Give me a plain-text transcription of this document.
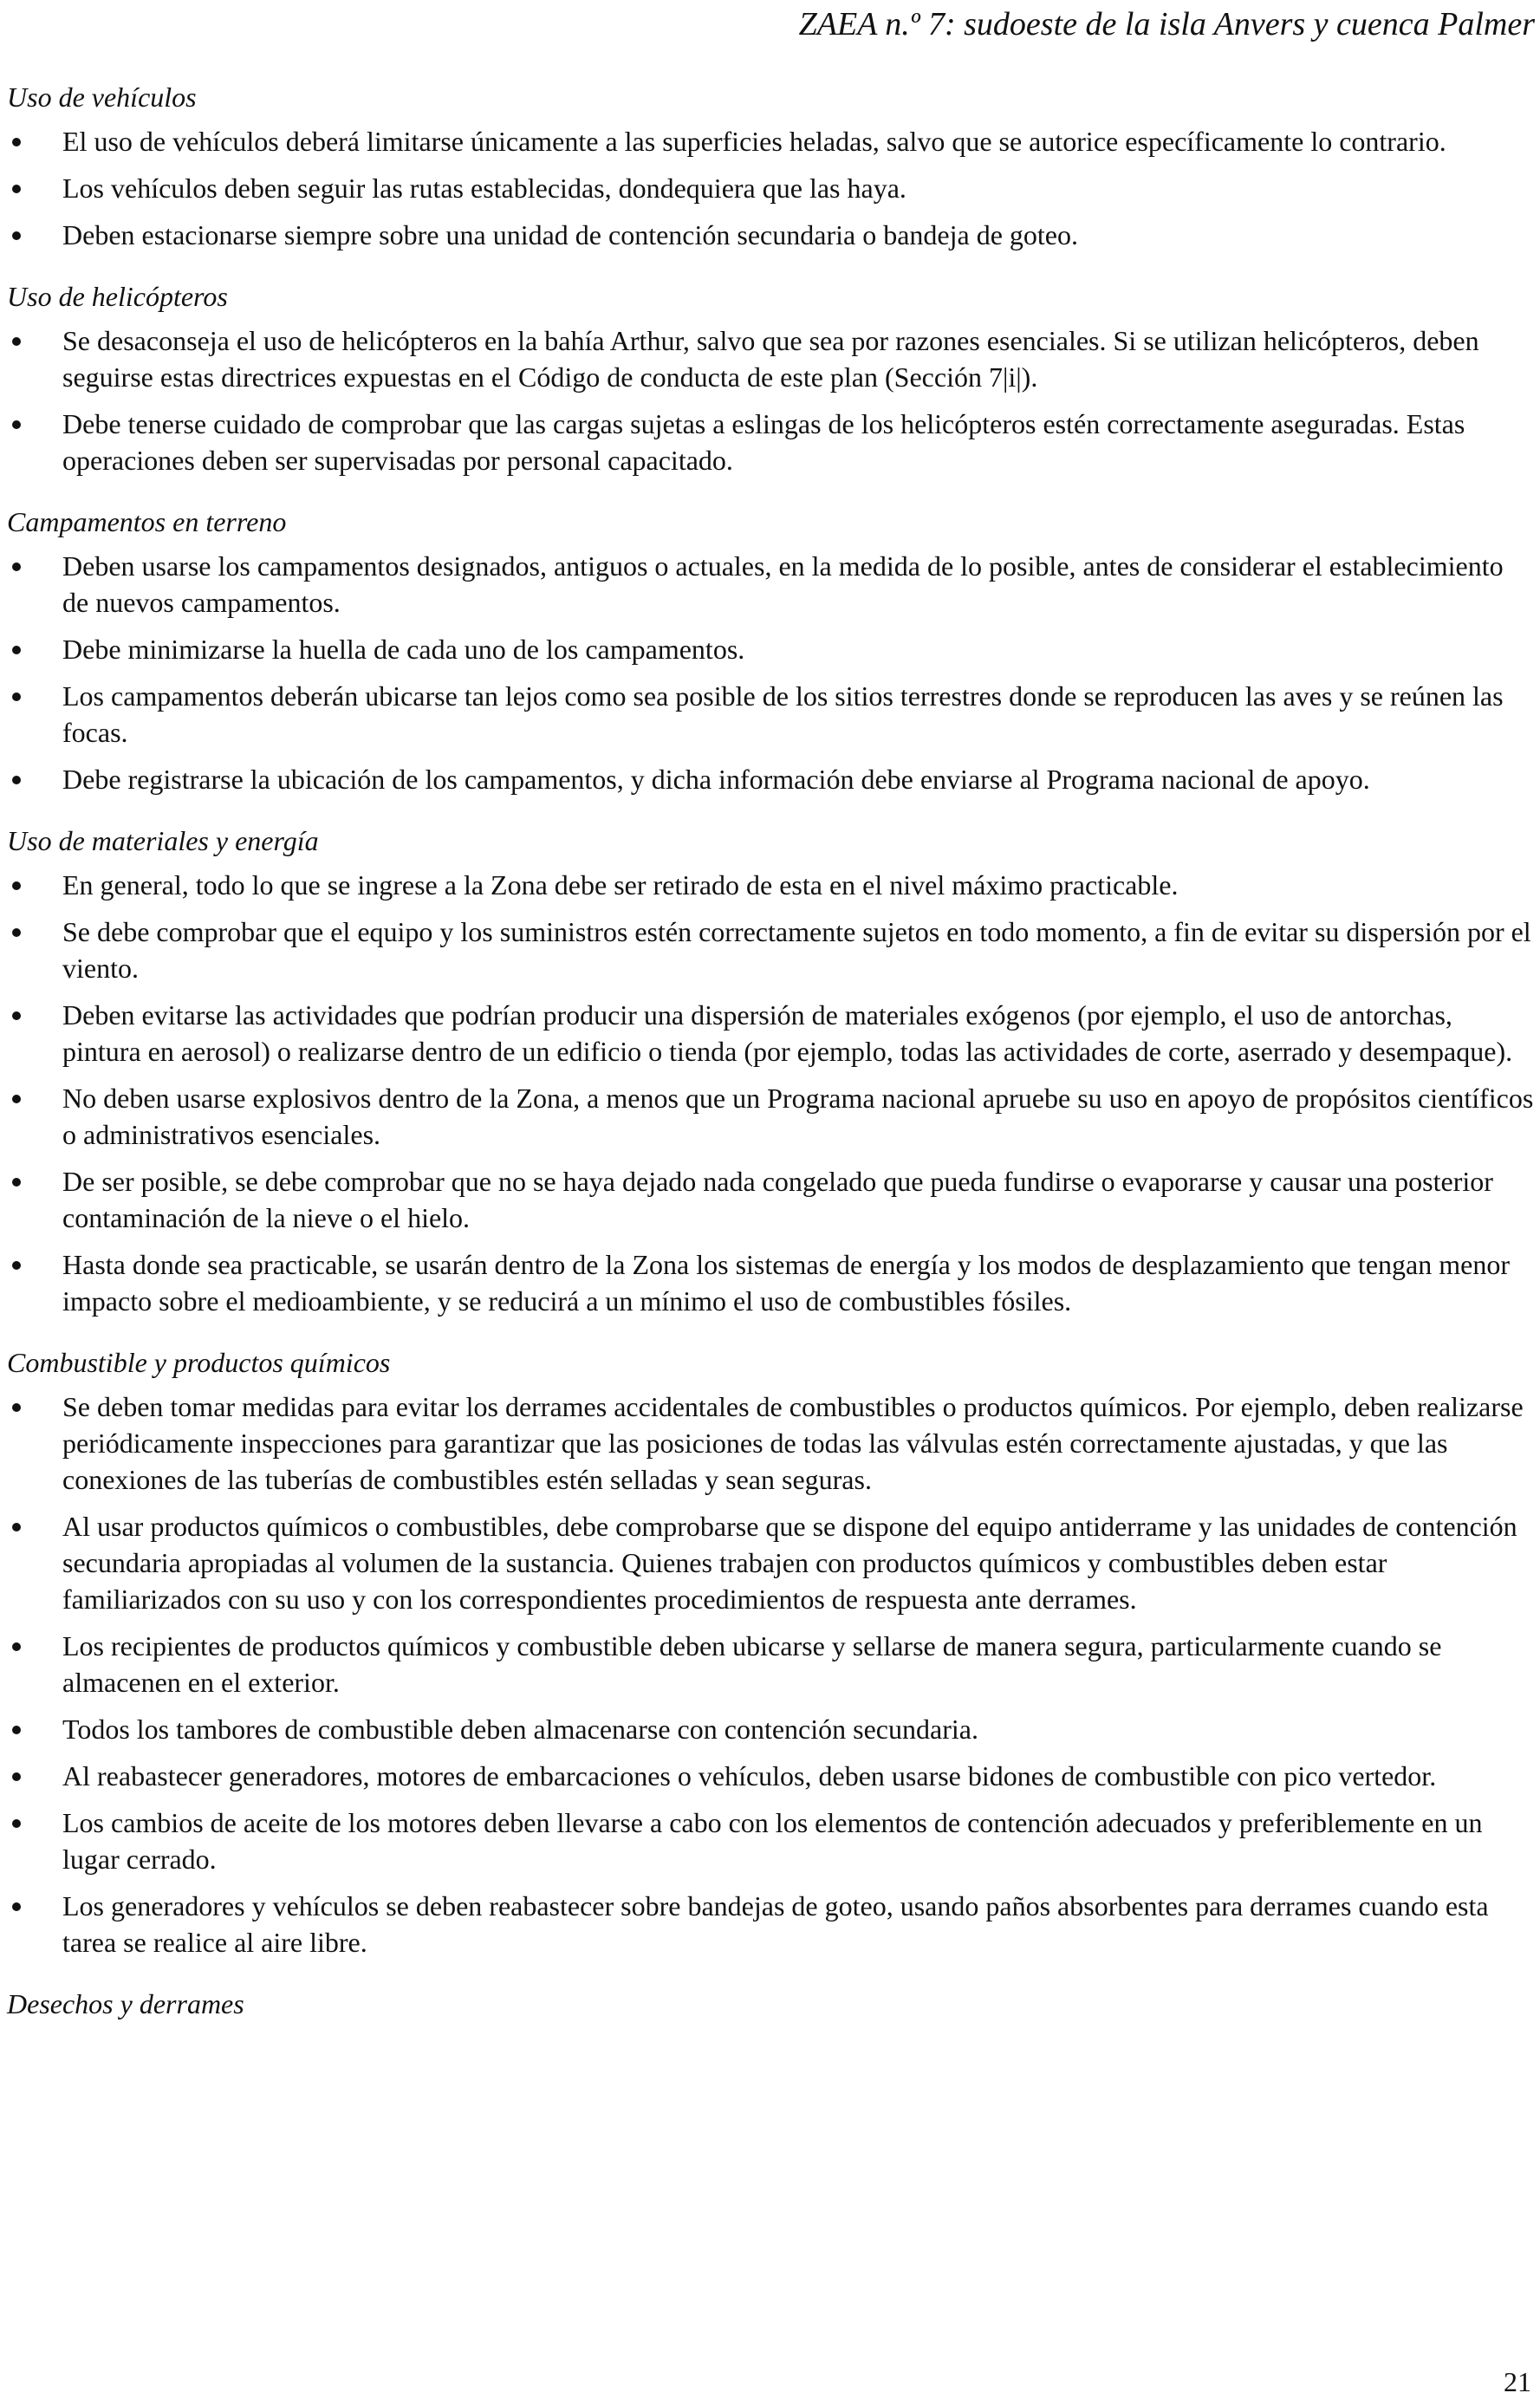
ZAEA n.º 7: sudoeste de la isla Anvers y cuenca Palmer
Uso de vehículos
El uso de vehículos deberá limitarse únicamente a las superficies heladas, salvo que se autorice específicamente lo contrario.
Los vehículos deben seguir las rutas establecidas, dondequiera que las haya.
Deben estacionarse siempre sobre una unidad de contención secundaria o bandeja de goteo.
Uso de helicópteros
Se desaconseja el uso de helicópteros en la bahía Arthur, salvo que sea por razones esenciales. Si se utilizan helicópteros, deben seguirse estas directrices expuestas en el Código de conducta de este plan (Sección 7|i|).
Debe tenerse cuidado de comprobar que las cargas sujetas a eslingas de los helicópteros estén correctamente aseguradas. Estas operaciones deben ser supervisadas por personal capacitado.
Campamentos en terreno
Deben usarse los campamentos designados, antiguos o actuales, en la medida de lo posible, antes de considerar el establecimiento de nuevos campamentos.
Debe minimizarse la huella de cada uno de los campamentos.
Los campamentos deberán ubicarse tan lejos como sea posible de los sitios terrestres donde se reproducen las aves y se reúnen las focas.
Debe registrarse la ubicación de los campamentos, y dicha información debe enviarse al Programa nacional de apoyo.
Uso de materiales y energía
En general, todo lo que se ingrese a la Zona debe ser retirado de esta en el nivel máximo practicable.
Se debe comprobar que el equipo y los suministros estén correctamente sujetos en todo momento, a fin de evitar su dispersión por el viento.
Deben evitarse las actividades que podrían producir una dispersión de materiales exógenos (por ejemplo, el uso de antorchas, pintura en aerosol) o realizarse dentro de un edificio o tienda (por ejemplo, todas las actividades de corte, aserrado y desempaque).
No deben usarse explosivos dentro de la Zona, a menos que un Programa nacional apruebe su uso en apoyo de propósitos científicos o administrativos esenciales.
De ser posible, se debe comprobar que no se haya dejado nada congelado que pueda fundirse o evaporarse y causar una posterior contaminación de la nieve o el hielo.
Hasta donde sea practicable, se usarán dentro de la Zona los sistemas de energía y los modos de desplazamiento que tengan menor impacto sobre el medioambiente, y se reducirá a un mínimo el uso de combustibles fósiles.
Combustible y productos químicos
Se deben tomar medidas para evitar los derrames accidentales de combustibles o productos químicos. Por ejemplo, deben realizarse periódicamente inspecciones para garantizar que las posiciones de todas las válvulas estén correctamente ajustadas, y que las conexiones de las tuberías de combustibles estén selladas y sean seguras.
Al usar productos químicos o combustibles, debe comprobarse que se dispone del equipo antiderrame y las unidades de contención secundaria apropiadas al volumen de la sustancia. Quienes trabajen con productos químicos y combustibles deben estar familiarizados con su uso y con los correspondientes procedimientos de respuesta ante derrames.
Los recipientes de productos químicos y combustible deben ubicarse y sellarse de manera segura, particularmente cuando se almacenen en el exterior.
Todos los tambores de combustible deben almacenarse con contención secundaria.
Al reabastecer generadores, motores de embarcaciones o vehículos, deben usarse bidones de combustible con pico vertedor.
Los cambios de aceite de los motores deben llevarse a cabo con los elementos de contención adecuados y preferiblemente en un lugar cerrado.
Los generadores y vehículos se deben reabastecer sobre bandejas de goteo, usando paños absorbentes para derrames cuando esta tarea se realice al aire libre.
Desechos y derrames
21
